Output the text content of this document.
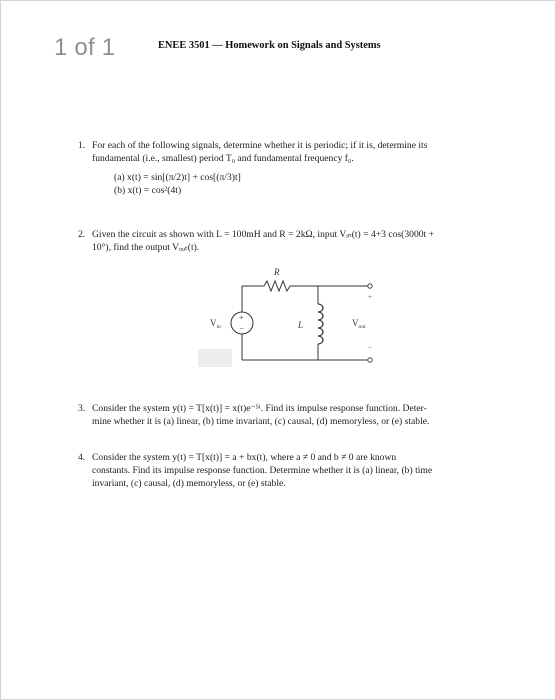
1 of 1	ENEE 3501 — Homework on Signals and Systems
1. For each of the following signals, determine whether it is periodic; if it is, determine its
fundamental (i.e., smallest) period T₀ and fundamental frequency f₀.
(a) x(t) = sin[(π/2)t] + cos[(π/3)t]
(b) x(t) = cos²(4t)
2. Given the circuit as shown with L = 100mH and R = 2kΩ, input Vᵢₙ(t) = 4+3 cos(3000t +
10°), find the output Vₒᵤₜ(t).
R
+
−
$V_{in}$	L
+
−
$V_{out}$
3. Consider the system y(t) = T[x(t)] = x(t)e⁻⁵ᵗ. Find its impulse response function. Deter-
mine whether it is (a) linear, (b) time invariant, (c) causal, (d) memoryless, or (e) stable.
4. Consider the system y(t) = T[x(t)] = a + bx(t), where a ≠ 0 and b ≠ 0 are known
constants. Find its impulse response function. Determine whether it is (a) linear, (b) time
invariant, (c) causal, (d) memoryless, or (e) stable.
